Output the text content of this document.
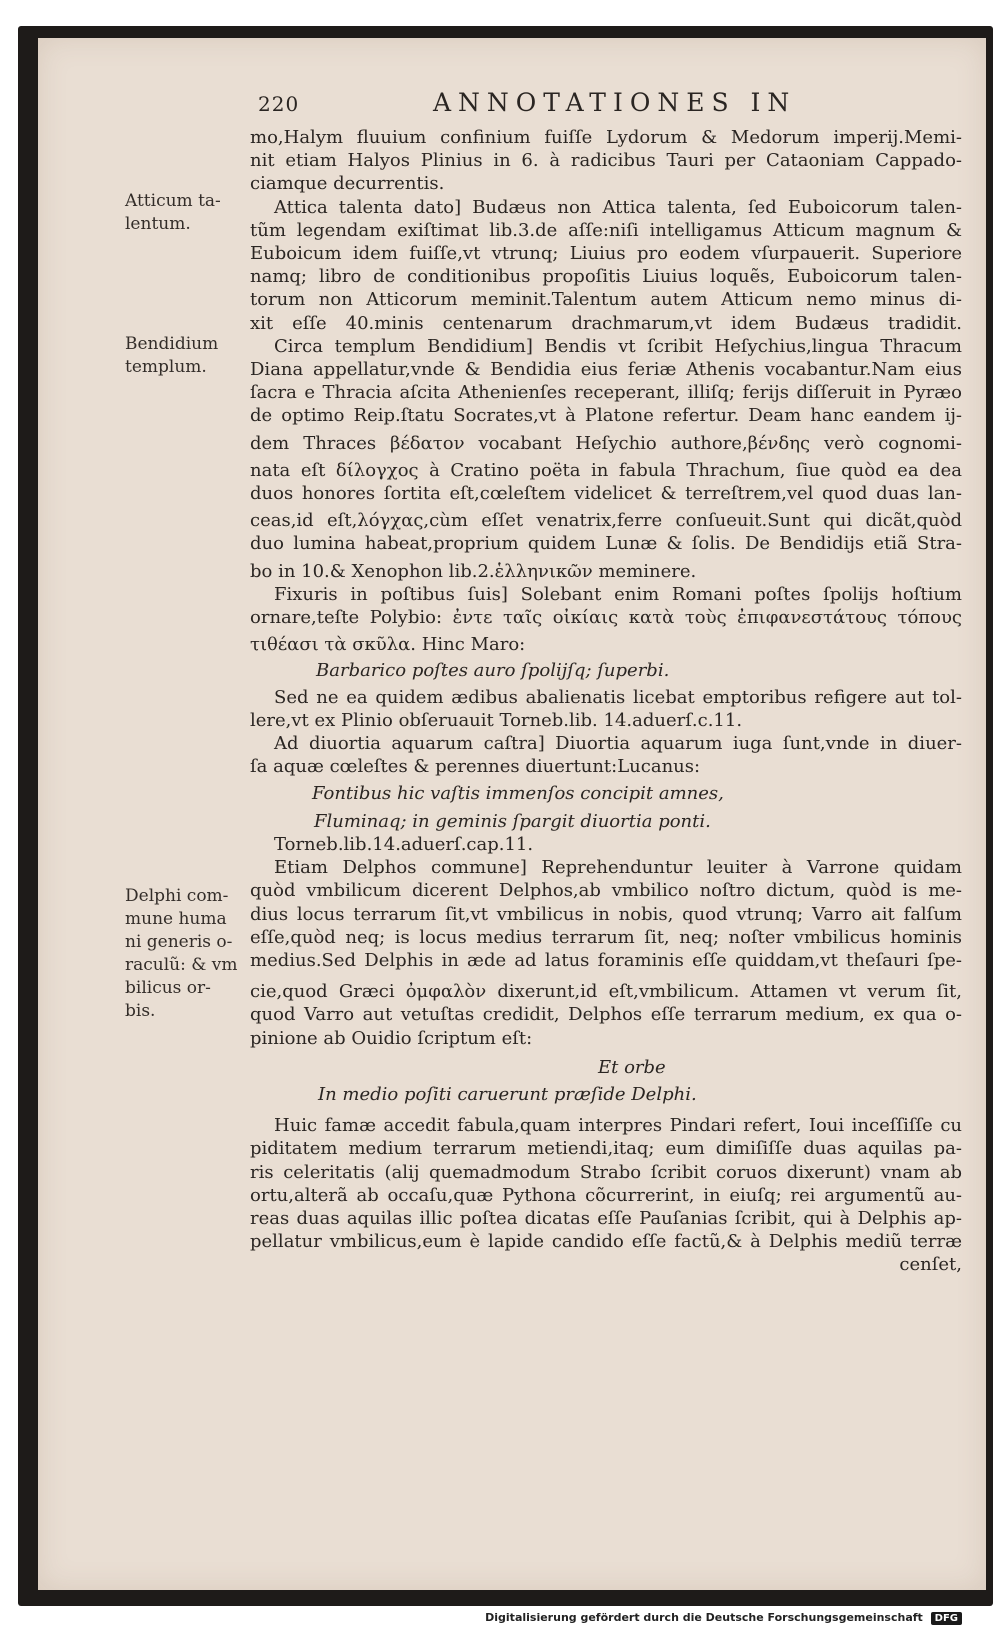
220	ANNOTATIONES IN
Atticum ta-
lentum.
Bendidium
templum.
Delphi com-
mune huma
ni generis o-
raculũ: & vm
bilicus or-
bis.
mo,Halym fluuium confinium fuiſſe Lydorum & Medorum imperij.Memi-
nit etiam Halyos Plinius in 6. à radicibus Tauri per Cataoniam Cappado-
ciamque decurrentis.
Attica talenta dato] Budæus non Attica talenta, ſed Euboicorum talen-
tũm legendam exiſtimat lib.3.de aſſe:niſi intelligamus Atticum magnum &
Euboicum idem fuiſſe,vt vtrunq; Liuius pro eodem vſurpauerit. Superiore
namq; libro de conditionibus propoſitis Liuius loquẽs, Euboicorum talen-
torum non Atticorum meminit.Talentum autem Atticum nemo minus di-
xit eſſe 40.minis centenarum drachmarum,vt idem Budæus tradidit.
Circa templum Bendidium] Bendis vt ſcribit Heſychius,lingua Thracum
Diana appellatur,vnde & Bendidia eius feriæ Athenis vocabantur.Nam eius
ſacra e Thracia aſcita Athenienſes receperant, illiſq; ferijs diſſeruit in Pyræo
de optimo Reip.ſtatu Socrates,vt à Platone refertur. Deam hanc eandem ij-
dem Thraces βέδατον vocabant Heſychio authore,βένδης verò cognomi-
nata eſt δίλογχος à Cratino poëta in fabula Thrachum, ſiue quòd ea dea
duos honores ſortita eſt,cœleſtem videlicet & terreſtrem,vel quod duas lan-
ceas,id eſt,λόγχας,cùm eſſet venatrix,ferre conſueuit.Sunt qui dicãt,quòd
duo lumina habeat,proprium quidem Lunæ & ſolis. De Bendidijs etiã Stra-
bo in 10.& Xenophon lib.2.ἑλληνικῶν meminere.
Fixuris in poſtibus ſuis] Solebant enim Romani poſtes ſpolijs hoſtium
ornare,teſte Polybio: ἐντε ταῖς οἰκίαις κατὰ τοὺς ἐπιφανεστάτους τόπους
τιθέασι τὰ σκῦλα. Hinc Maro:
Barbarico poſtes auro ſpolijſq; ſuperbi.
Sed ne ea quidem ædibus abalienatis licebat emptoribus refigere aut tol-
lere,vt ex Plinio obſeruauit Torneb.lib. 14.aduerſ.c.11.
Ad diuortia aquarum caſtra] Diuortia aquarum iuga ſunt,vnde in diuer-
ſa aquæ cœleſtes & perennes diuertunt:Lucanus:
Fontibus hic vaſtis immenſos concipit amnes,
Fluminaq; in geminis ſpargit diuortia ponti.
Torneb.lib.14.aduerſ.cap.11.
Etiam Delphos commune] Reprehenduntur leuiter à Varrone quidam
quòd vmbilicum dicerent Delphos,ab vmbilico noſtro dictum, quòd is me-
dius locus terrarum ſit,vt vmbilicus in nobis, quod vtrunq; Varro ait falſum
eſſe,quòd neq; is locus medius terrarum ſit, neq; noſter vmbilicus hominis
medius.Sed Delphis in æde ad latus foraminis eſſe quiddam,vt theſauri ſpe-
cie,quod Græci ὀμφαλὸν dixerunt,id eſt,vmbilicum. Attamen vt verum ſit,
quod Varro aut vetuſtas credidit, Delphos eſſe terrarum medium, ex qua o-
pinione ab Ouidio ſcriptum eſt:
Et orbe
In medio poſiti caruerunt præſide Delphi.
Huic famæ accedit fabula,quam interpres Pindari refert, Ioui inceſſiſſe cu
piditatem medium terrarum metiendi,itaq; eum dimiſiſſe duas aquilas pa-
ris celeritatis (alij quemadmodum Strabo ſcribit coruos dixerunt) vnam ab
ortu,alterã ab occaſu,quæ Pythona cõcurrerint, in eiuſq; rei argumentũ au-
reas duas aquilas illic poſtea dicatas eſſe Pauſanias ſcribit, qui à Delphis ap-
pellatur vmbilicus,eum è lapide candido eſſe factũ,& à Delphis mediũ terræ
cenſet,
Digitalisierung gefördert durch die Deutsche Forschungsgemeinschaft DFG
